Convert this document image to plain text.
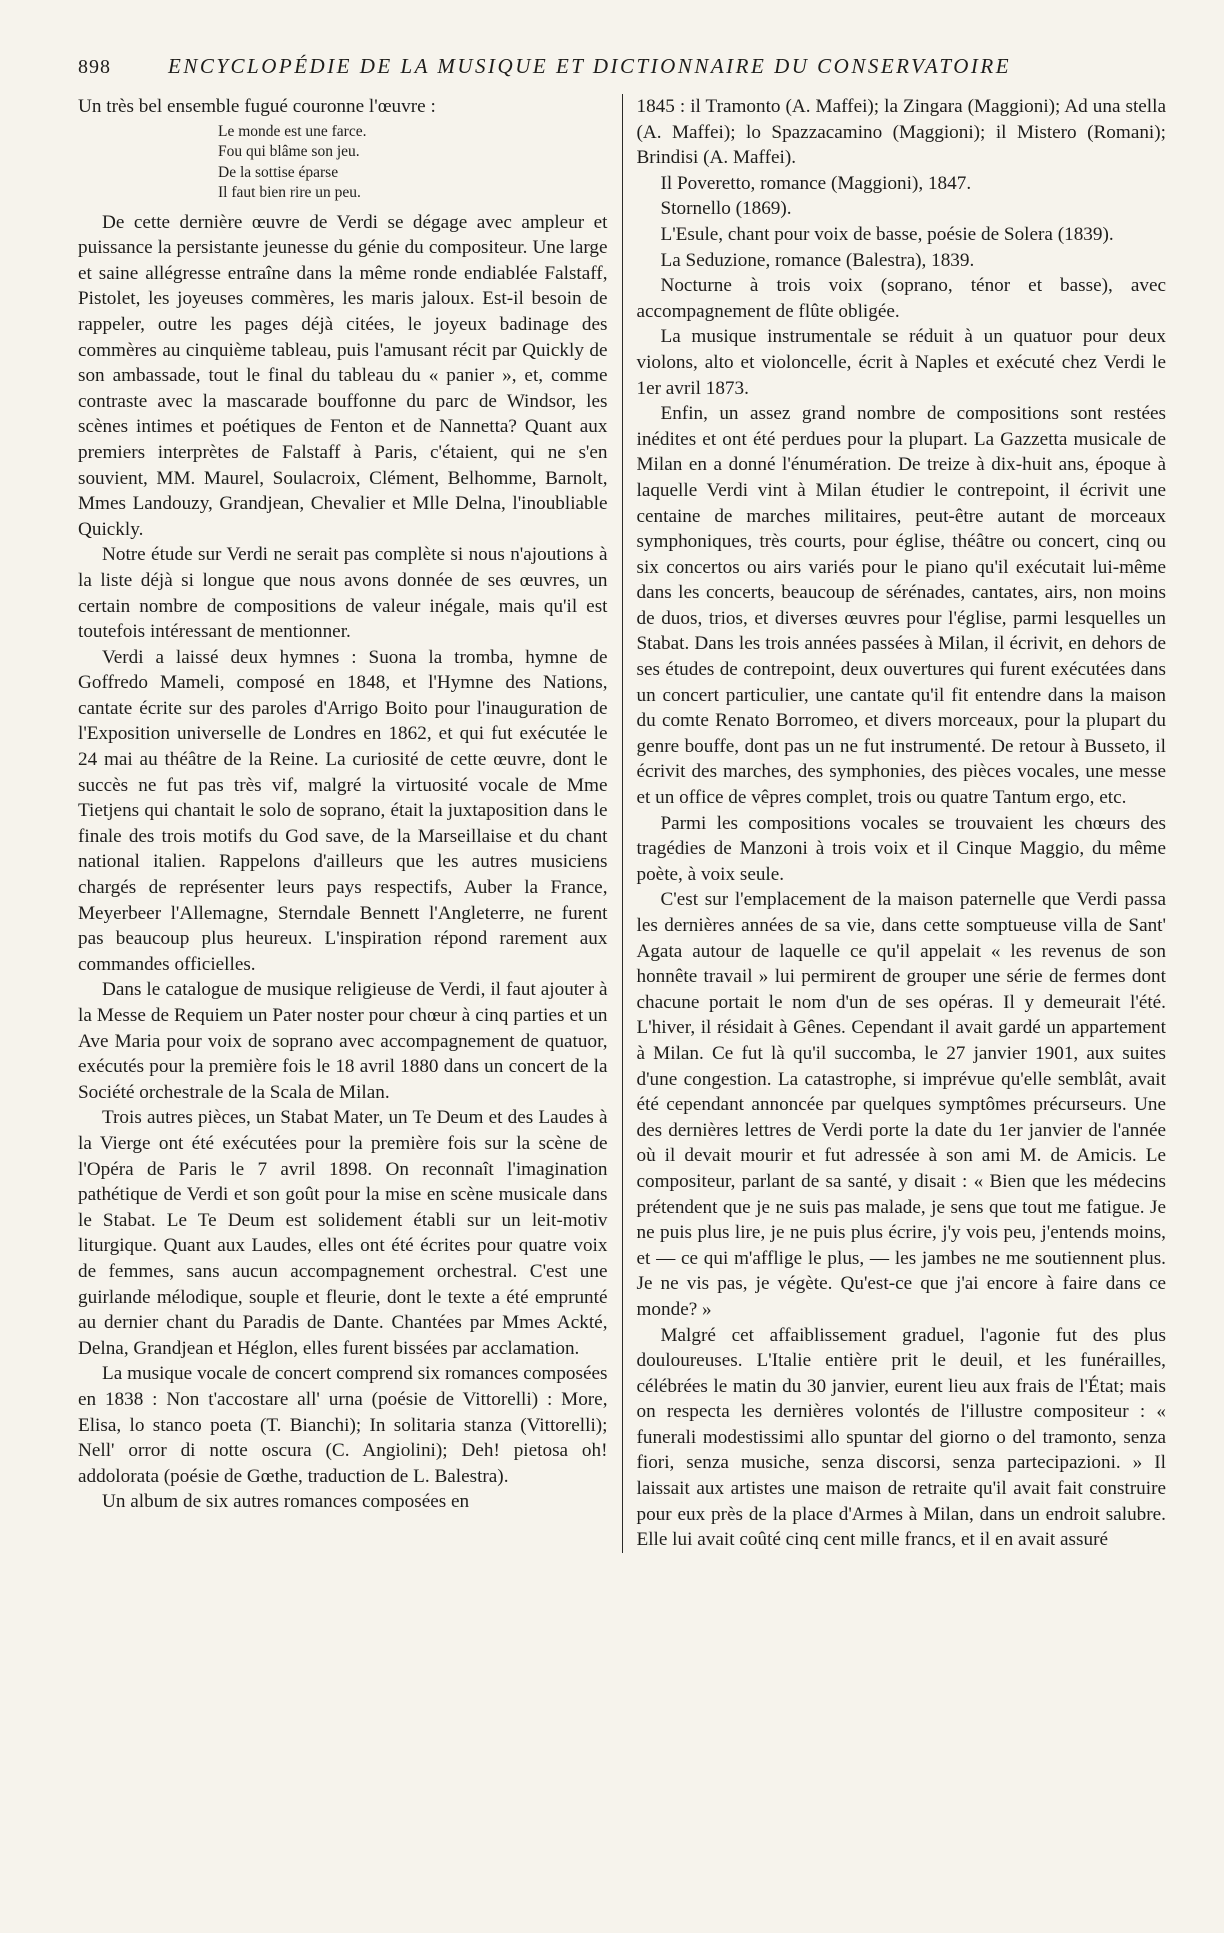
898	ENCYCLOPÉDIE DE LA MUSIQUE ET DICTIONNAIRE DU CONSERVATOIRE

Un très bel ensemble fugué couronne l'œuvre :

Le monde est une farce.
Fou qui blâme son jeu.
De la sottise éparse
Il faut bien rire un peu.

De cette dernière œuvre de Verdi se dégage avec ampleur et puissance la persistante jeunesse du génie du compositeur. Une large et saine allégresse entraîne dans la même ronde endiablée Falstaff, Pistolet, les joyeuses commères, les maris jaloux. Est-il besoin de rappeler, outre les pages déjà citées, le joyeux badinage des commères au cinquième tableau, puis l'amusant récit par Quickly de son ambassade, tout le final du tableau du « panier », et, comme contraste avec la mascarade bouffonne du parc de Windsor, les scènes intimes et poétiques de Fenton et de Nannetta? Quant aux premiers interprètes de Falstaff à Paris, c'étaient, qui ne s'en souvient, MM. Maurel, Soulacroix, Clément, Belhomme, Barnolt, Mmes Landouzy, Grandjean, Chevalier et Mlle Delna, l'inoubliable Quickly.

Notre étude sur Verdi ne serait pas complète si nous n'ajoutions à la liste déjà si longue que nous avons donnée de ses œuvres, un certain nombre de compositions de valeur inégale, mais qu'il est toutefois intéressant de mentionner.

Verdi a laissé deux hymnes : Suona la tromba, hymne de Goffredo Mameli, composé en 1848, et l'Hymne des Nations, cantate écrite sur des paroles d'Arrigo Boito pour l'inauguration de l'Exposition universelle de Londres en 1862, et qui fut exécutée le 24 mai au théâtre de la Reine. La curiosité de cette œuvre, dont le succès ne fut pas très vif, malgré la virtuosité vocale de Mme Tietjens qui chantait le solo de soprano, était la juxtaposition dans le finale des trois motifs du God save, de la Marseillaise et du chant national italien. Rappelons d'ailleurs que les autres musiciens chargés de représenter leurs pays respectifs, Auber la France, Meyerbeer l'Allemagne, Sterndale Bennett l'Angleterre, ne furent pas beaucoup plus heureux. L'inspiration répond rarement aux commandes officielles.

Dans le catalogue de musique religieuse de Verdi, il faut ajouter à la Messe de Requiem un Pater noster pour chœur à cinq parties et un Ave Maria pour voix de soprano avec accompagnement de quatuor, exécutés pour la première fois le 18 avril 1880 dans un concert de la Société orchestrale de la Scala de Milan.

Trois autres pièces, un Stabat Mater, un Te Deum et des Laudes à la Vierge ont été exécutées pour la première fois sur la scène de l'Opéra de Paris le 7 avril 1898. On reconnaît l'imagination pathétique de Verdi et son goût pour la mise en scène musicale dans le Stabat. Le Te Deum est solidement établi sur un leit-motiv liturgique. Quant aux Laudes, elles ont été écrites pour quatre voix de femmes, sans aucun accompagnement orchestral. C'est une guirlande mélodique, souple et fleurie, dont le texte a été emprunté au dernier chant du Paradis de Dante. Chantées par Mmes Ackté, Delna, Grandjean et Héglon, elles furent bissées par acclamation.

La musique vocale de concert comprend six romances composées en 1838 : Non t'accostare all' urna (poésie de Vittorelli) : More, Elisa, lo stanco poeta (T. Bianchi); In solitaria stanza (Vittorelli); Nell' orror di notte oscura (C. Angiolini); Deh! pietosa oh! addolorata (poésie de Gœthe, traduction de L. Balestra).

Un album de six autres romances composées en

1845 : il Tramonto (A. Maffei); la Zingara (Maggioni); Ad una stella (A. Maffei); lo Spazzacamino (Maggioni); il Mistero (Romani); Brindisi (A. Maffei).

Il Poveretto, romance (Maggioni), 1847.

Stornello (1869).

L'Esule, chant pour voix de basse, poésie de Solera (1839).

La Seduzione, romance (Balestra), 1839.

Nocturne à trois voix (soprano, ténor et basse), avec accompagnement de flûte obligée.

La musique instrumentale se réduit à un quatuor pour deux violons, alto et violoncelle, écrit à Naples et exécuté chez Verdi le 1er avril 1873.

Enfin, un assez grand nombre de compositions sont restées inédites et ont été perdues pour la plupart. La Gazzetta musicale de Milan en a donné l'énumération. De treize à dix-huit ans, époque à laquelle Verdi vint à Milan étudier le contrepoint, il écrivit une centaine de marches militaires, peut-être autant de morceaux symphoniques, très courts, pour église, théâtre ou concert, cinq ou six concertos ou airs variés pour le piano qu'il exécutait lui-même dans les concerts, beaucoup de sérénades, cantates, airs, non moins de duos, trios, et diverses œuvres pour l'église, parmi lesquelles un Stabat. Dans les trois années passées à Milan, il écrivit, en dehors de ses études de contrepoint, deux ouvertures qui furent exécutées dans un concert particulier, une cantate qu'il fit entendre dans la maison du comte Renato Borromeo, et divers morceaux, pour la plupart du genre bouffe, dont pas un ne fut instrumenté. De retour à Busseto, il écrivit des marches, des symphonies, des pièces vocales, une messe et un office de vêpres complet, trois ou quatre Tantum ergo, etc.

Parmi les compositions vocales se trouvaient les chœurs des tragédies de Manzoni à trois voix et il Cinque Maggio, du même poète, à voix seule.

C'est sur l'emplacement de la maison paternelle que Verdi passa les dernières années de sa vie, dans cette somptueuse villa de Sant' Agata autour de laquelle ce qu'il appelait « les revenus de son honnête travail » lui permirent de grouper une série de fermes dont chacune portait le nom d'un de ses opéras. Il y demeurait l'été. L'hiver, il résidait à Gênes. Cependant il avait gardé un appartement à Milan. Ce fut là qu'il succomba, le 27 janvier 1901, aux suites d'une congestion. La catastrophe, si imprévue qu'elle semblât, avait été cependant annoncée par quelques symptômes précurseurs. Une des dernières lettres de Verdi porte la date du 1er janvier de l'année où il devait mourir et fut adressée à son ami M. de Amicis. Le compositeur, parlant de sa santé, y disait : « Bien que les médecins prétendent que je ne suis pas malade, je sens que tout me fatigue. Je ne puis plus lire, je ne puis plus écrire, j'y vois peu, j'entends moins, et — ce qui m'afflige le plus, — les jambes ne me soutiennent plus. Je ne vis pas, je végète. Qu'est-ce que j'ai encore à faire dans ce monde? »

Malgré cet affaiblissement graduel, l'agonie fut des plus douloureuses. L'Italie entière prit le deuil, et les funérailles, célébrées le matin du 30 janvier, eurent lieu aux frais de l'État; mais on respecta les dernières volontés de l'illustre compositeur : « funerali modestissimi allo spuntar del giorno o del tramonto, senza fiori, senza musiche, senza discorsi, senza partecipazioni. » Il laissait aux artistes une maison de retraite qu'il avait fait construire pour eux près de la place d'Armes à Milan, dans un endroit salubre. Elle lui avait coûté cinq cent mille francs, et il en avait assuré
